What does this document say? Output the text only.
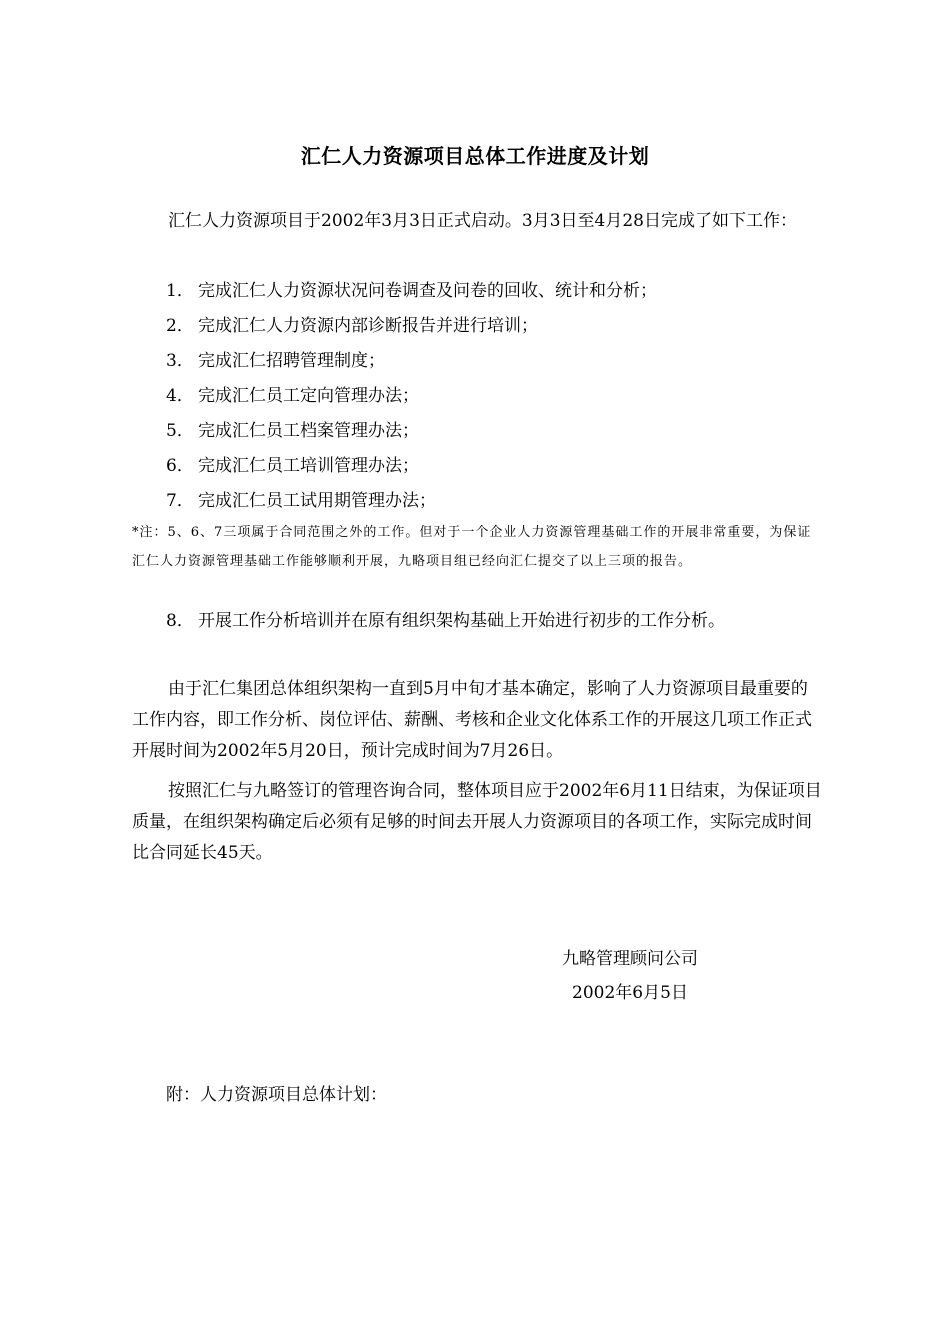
汇仁人力资源项目总体工作进度及计划

汇仁人力资源项目于2002年3月3日正式启动。3月3日至4月28日完成了如下工作：

1． 完成汇仁人力资源状况问卷调查及问卷的回收、统计和分析；
2． 完成汇仁人力资源内部诊断报告并进行培训；
3． 完成汇仁招聘管理制度；
4． 完成汇仁员工定向管理办法；
5． 完成汇仁员工档案管理办法；
6． 完成汇仁员工培训管理办法；
7． 完成汇仁员工试用期管理办法；

*注：5、6、7三项属于合同范围之外的工作。但对于一个企业人力资源管理基础工作的开展非常重要，为保证汇仁人力资源管理基础工作能够顺利开展，九略项目组已经向汇仁提交了以上三项的报告。

8． 开展工作分析培训并在原有组织架构基础上开始进行初步的工作分析。

由于汇仁集团总体组织架构一直到5月中旬才基本确定，影响了人力资源项目最重要的工作内容，即工作分析、岗位评估、薪酬、考核和企业文化体系工作的开展这几项工作正式开展时间为2002年5月20日，预计完成时间为7月26日。

按照汇仁与九略签订的管理咨询合同，整体项目应于2002年6月11日结束，为保证项目质量，在组织架构确定后必须有足够的时间去开展人力资源项目的各项工作，实际完成时间比合同延长45天。

九略管理顾问公司
2002年6月5日
附：人力资源项目总体计划：
